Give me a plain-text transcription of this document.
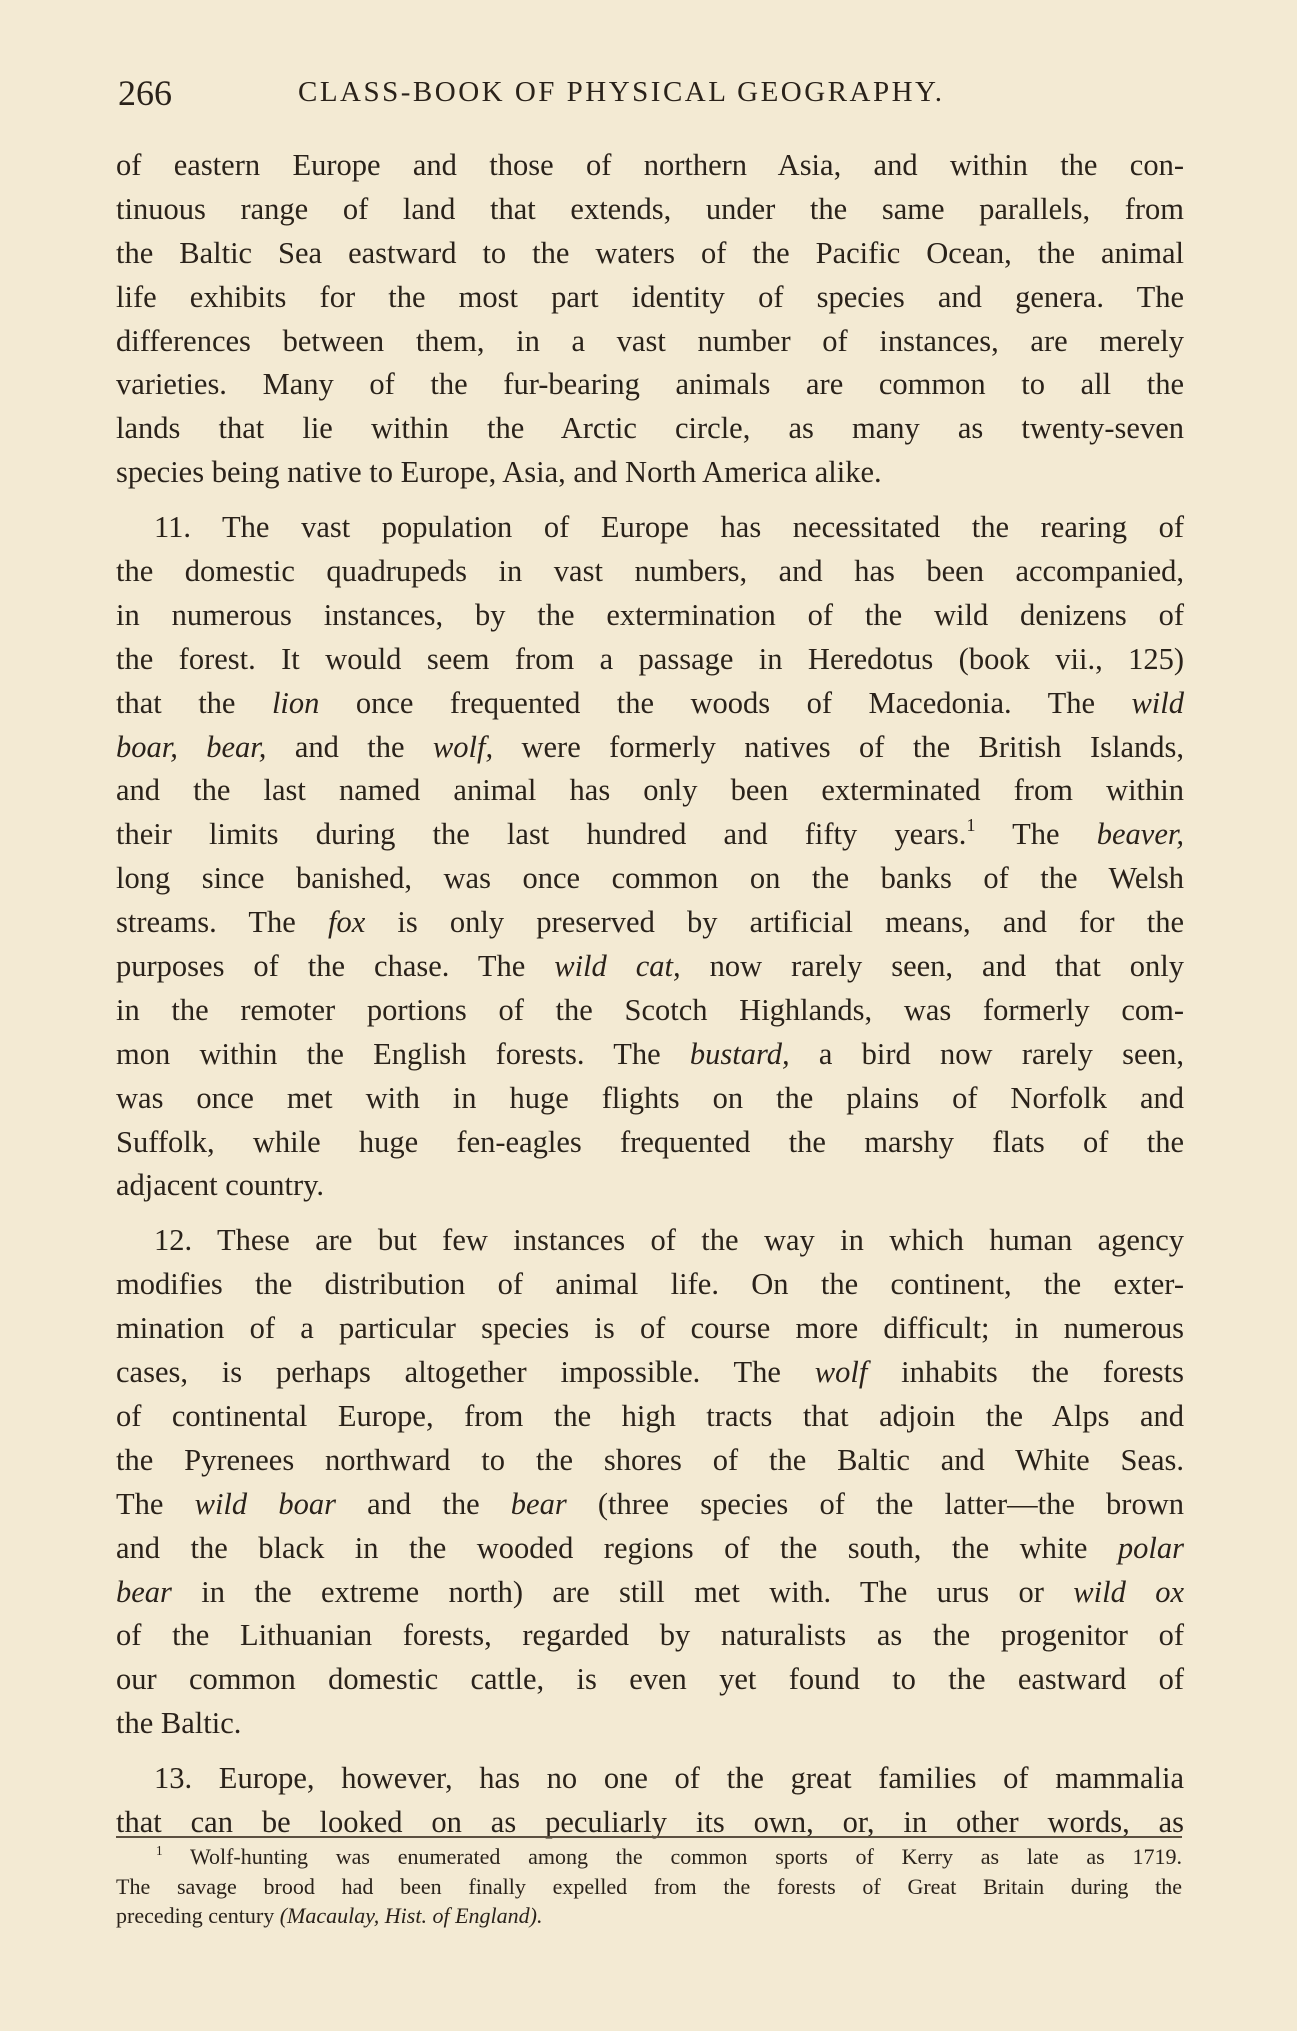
266	CLASS-BOOK OF PHYSICAL GEOGRAPHY.
of eastern Europe and those of northern Asia, and within the con-
tinuous range of land that extends, under the same parallels, from
the Baltic Sea eastward to the waters of the Pacific Ocean, the animal
life exhibits for the most part identity of species and genera. The
differences between them, in a vast number of instances, are merely
varieties. Many of the fur-bearing animals are common to all the
lands that lie within the Arctic circle, as many as twenty-seven
species being native to Europe, Asia, and North America alike.
11. The vast population of Europe has necessitated the rearing of
the domestic quadrupeds in vast numbers, and has been accompanied,
in numerous instances, by the extermination of the wild denizens of
the forest. It would seem from a passage in Heredotus (book vii., 125)
that the lion once frequented the woods of Macedonia. The wild
boar, bear, and the wolf, were formerly natives of the British Islands,
and the last named animal has only been exterminated from within
their limits during the last hundred and fifty years.$^1$ The beaver,
long since banished, was once common on the banks of the Welsh
streams. The fox is only preserved by artificial means, and for the
purposes of the chase. The wild cat, now rarely seen, and that only
in the remoter portions of the Scotch Highlands, was formerly com-
mon within the English forests. The bustard, a bird now rarely seen,
was once met with in huge flights on the plains of Norfolk and
Suffolk, while huge fen-eagles frequented the marshy flats of the
adjacent country.
12. These are but few instances of the way in which human agency
modifies the distribution of animal life. On the continent, the exter-
mination of a particular species is of course more difficult; in numerous
cases, is perhaps altogether impossible. The wolf inhabits the forests
of continental Europe, from the high tracts that adjoin the Alps and
the Pyrenees northward to the shores of the Baltic and White Seas.
The wild boar and the bear (three species of the latter—the brown
and the black in the wooded regions of the south, the white polar
bear in the extreme north) are still met with. The urus or wild ox
of the Lithuanian forests, regarded by naturalists as the progenitor of
our common domestic cattle, is even yet found to the eastward of
the Baltic.
13. Europe, however, has no one of the great families of mammalia
that can be looked on as peculiarly its own, or, in other words, as
$^1$ Wolf-hunting was enumerated among the common sports of Kerry as late as 1719.
The savage brood had been finally expelled from the forests of Great Britain during the
preceding century (Macaulay, Hist. of England).
